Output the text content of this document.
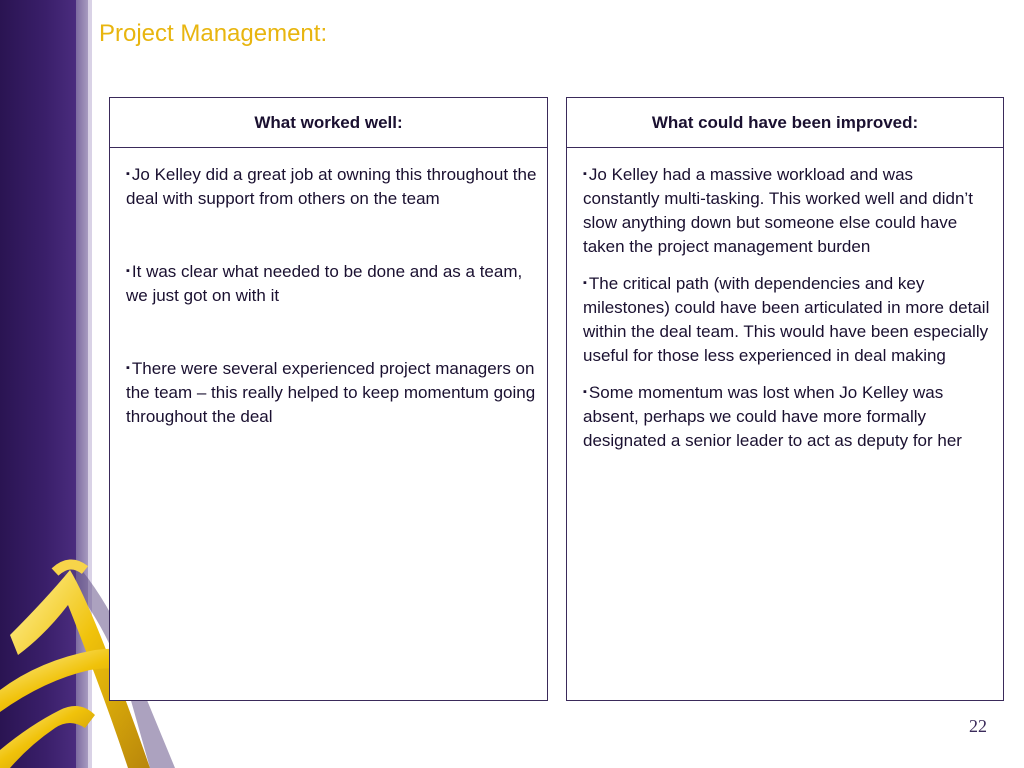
Project Management:
What worked well:
▪ Jo Kelley did a great job at owning this throughout the deal with support from others on the team
▪ It was clear what needed to be done and as a team, we just got on with it
▪ There were several experienced project managers on the team – this really helped to keep momentum going throughout the deal
What could have been improved:
▪ Jo Kelley had a massive workload and was constantly multi-tasking. This worked well and didn’t slow anything down but someone else could have taken the project management burden
▪ The critical path (with dependencies and key milestones) could have been articulated in more detail within the deal team. This would have been especially useful for those less experienced in deal making
▪ Some momentum was lost when Jo Kelley was absent, perhaps we could have more formally designated a senior leader to act as deputy for her
22
